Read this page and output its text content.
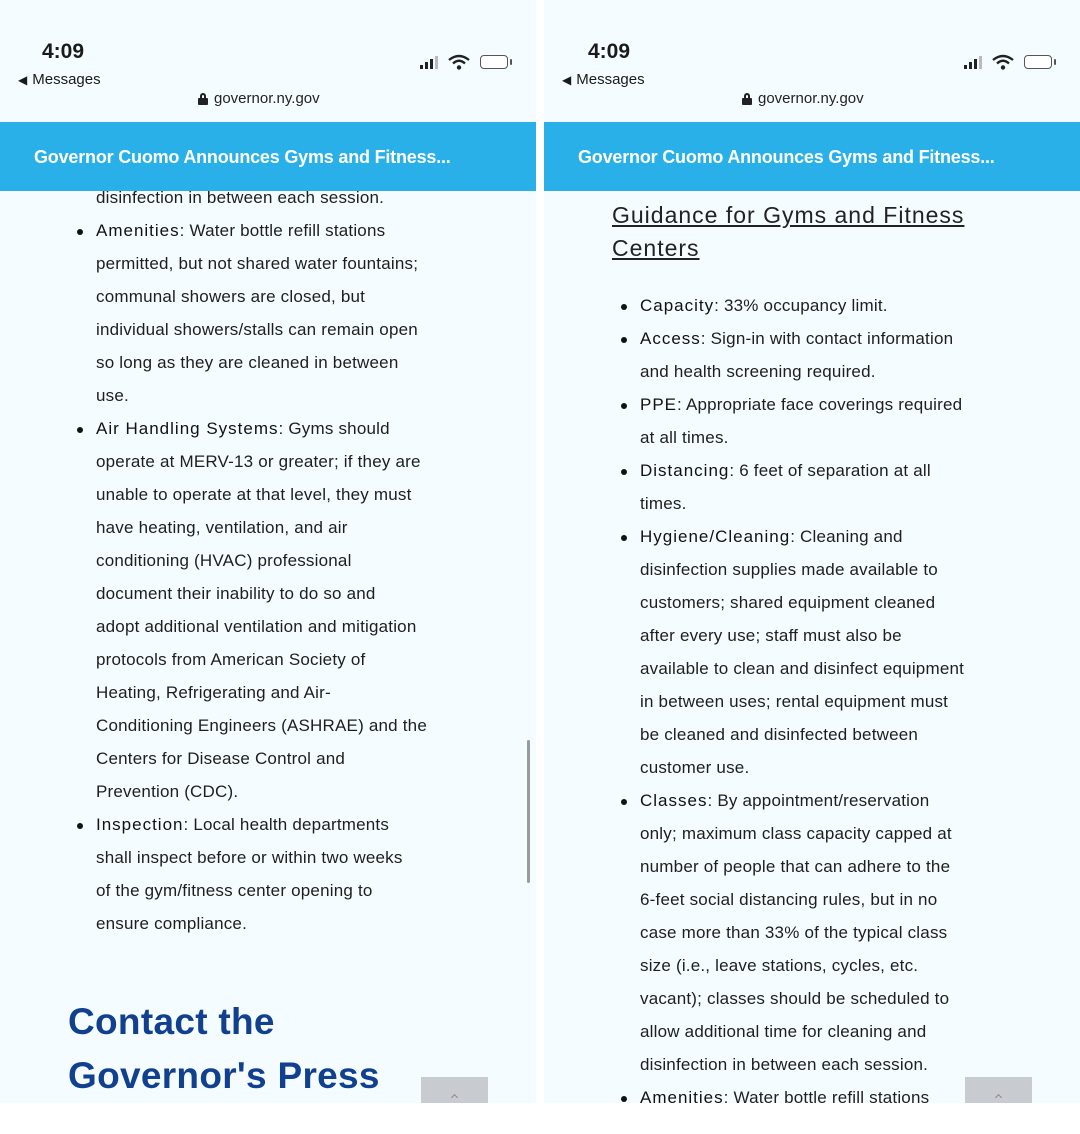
4:09
◀ Messages
governor.ny.gov
Governor Cuomo Announces Gyms and Fitness...
disinfection in between each session.
Amenities: Water bottle refill stations
permitted, but not shared water fountains;
communal showers are closed, but
individual showers/stalls can remain open
so long as they are cleaned in between
use.
Air Handling Systems: Gyms should
operate at MERV-13 or greater; if they are
unable to operate at that level, they must
have heating, ventilation, and air
conditioning (HVAC) professional
document their inability to do so and
adopt additional ventilation and mitigation
protocols from American Society of
Heating, Refrigerating and Air-
Conditioning Engineers (ASHRAE) and the
Centers for Disease Control and
Prevention (CDC).
Inspection: Local health departments
shall inspect before or within two weeks
of the gym/fitness center opening to
ensure compliance.
Contact the
Governor's Press
4:09
◀ Messages
governor.ny.gov
Governor Cuomo Announces Gyms and Fitness...
Guidance for Gyms and Fitness
Centers
Capacity: 33% occupancy limit.
Access: Sign-in with contact information
and health screening required.
PPE: Appropriate face coverings required
at all times.
Distancing: 6 feet of separation at all
times.
Hygiene/Cleaning: Cleaning and
disinfection supplies made available to
customers; shared equipment cleaned
after every use; staff must also be
available to clean and disinfect equipment
in between uses; rental equipment must
be cleaned and disinfected between
customer use.
Classes: By appointment/reservation
only; maximum class capacity capped at
number of people that can adhere to the
6-feet social distancing rules, but in no
case more than 33% of the typical class
size (i.e., leave stations, cycles, etc.
vacant); classes should be scheduled to
allow additional time for cleaning and
disinfection in between each session.
Amenities: Water bottle refill stations
